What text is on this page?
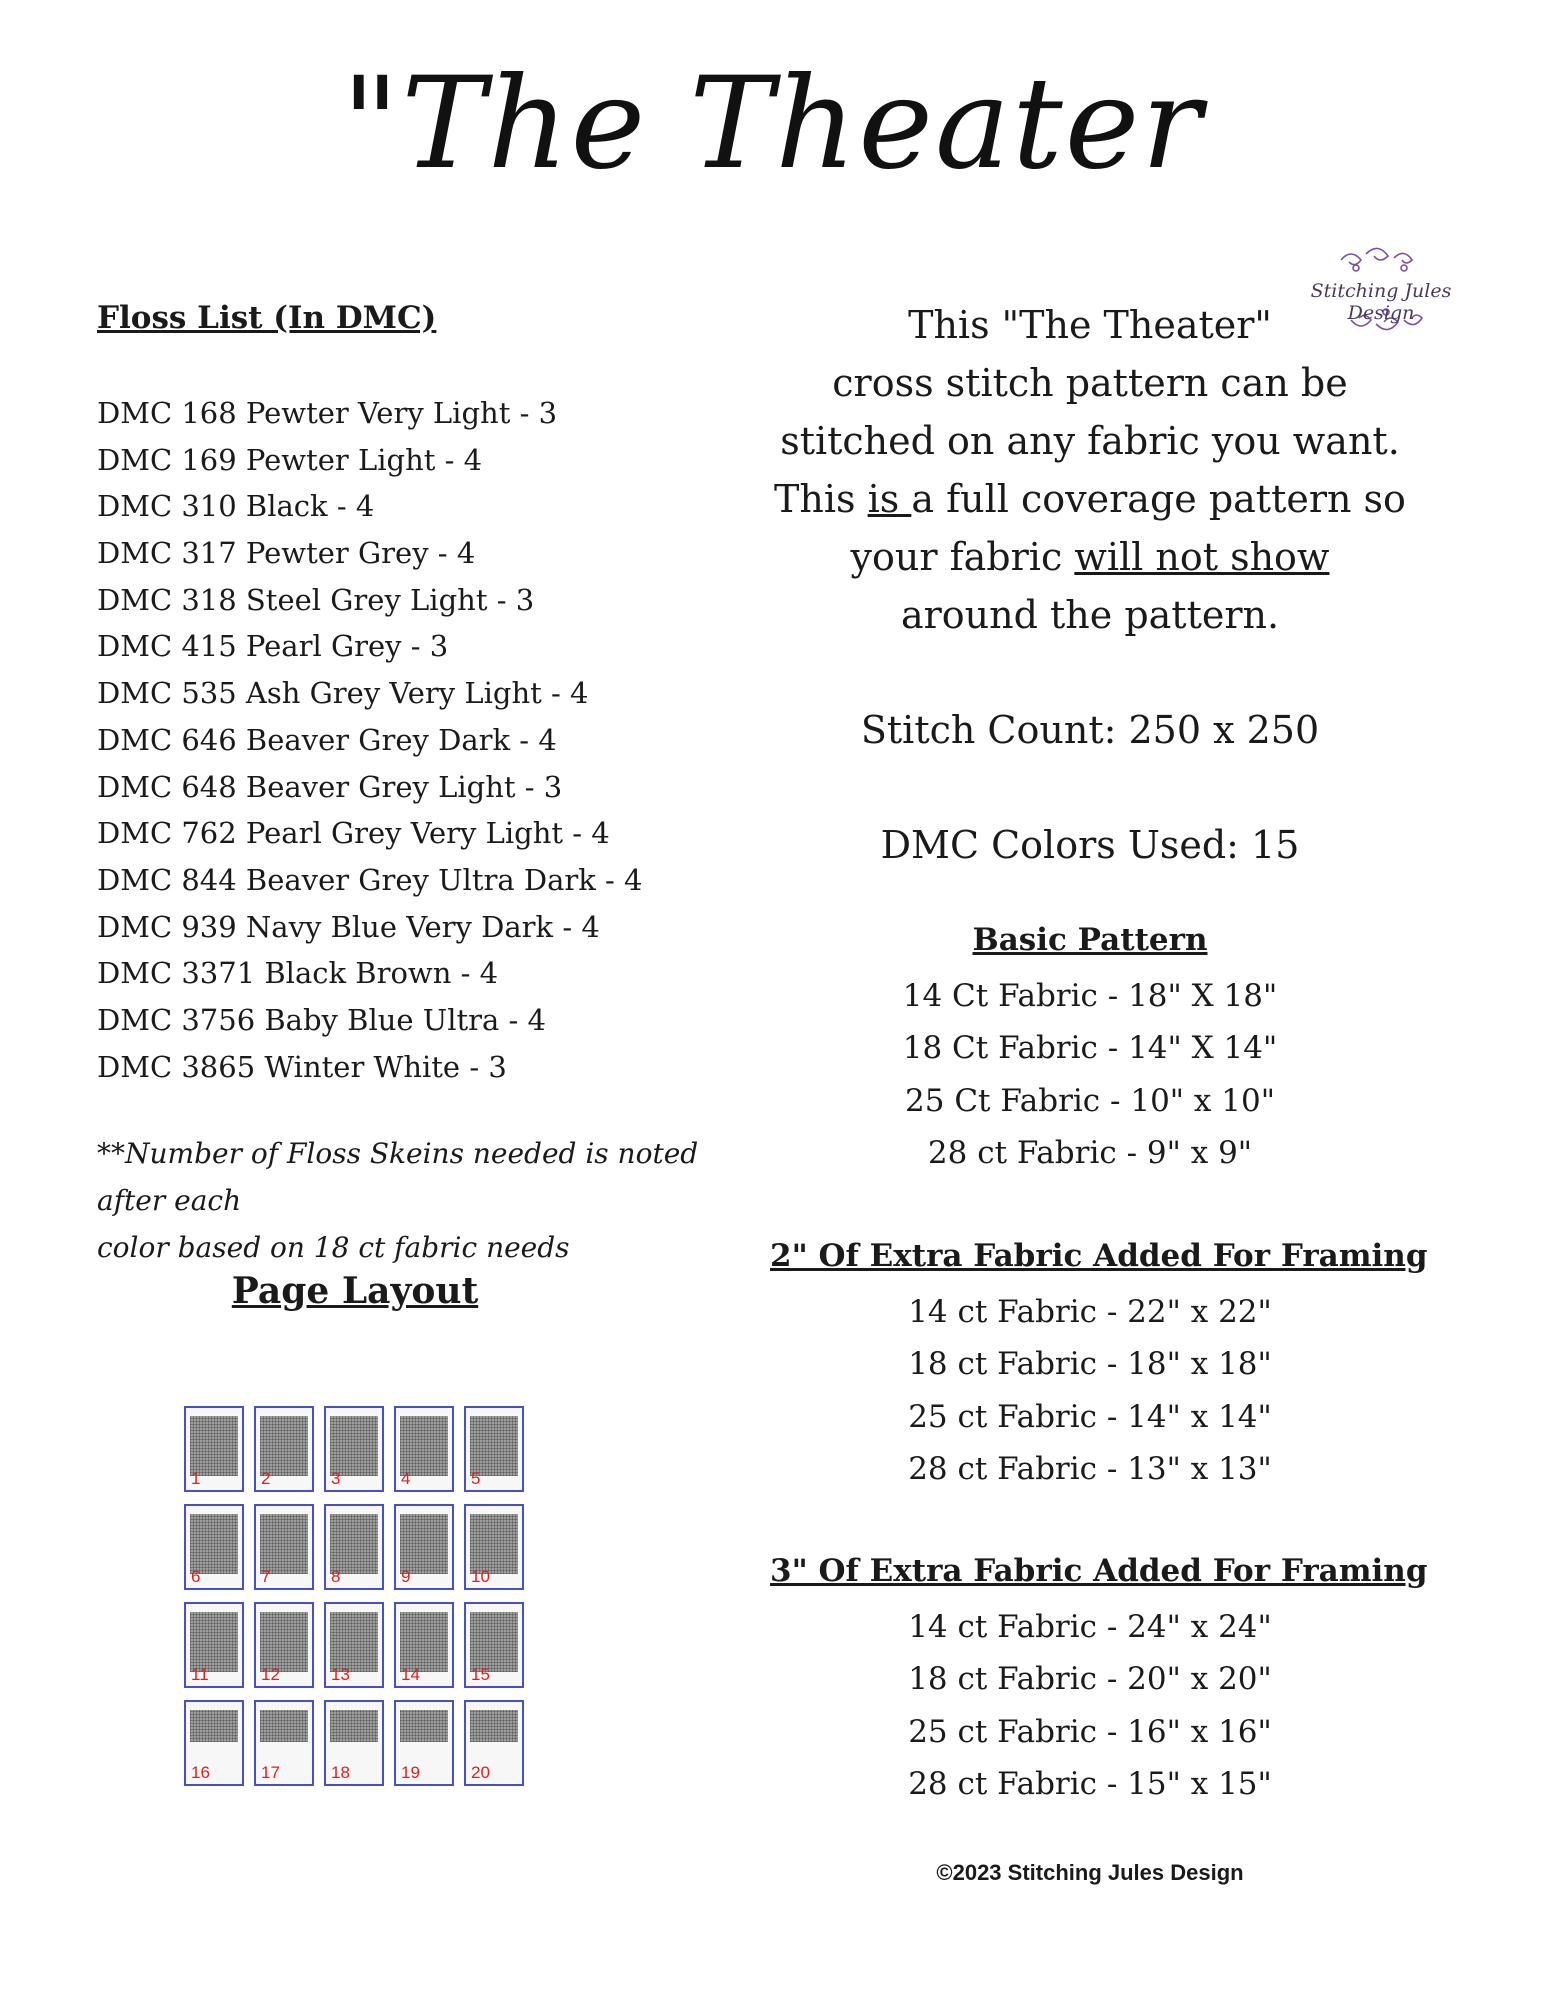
"The Theater
Stitching Jules Design
Floss List (In DMC)
DMC 168 Pewter Very Light - 3
DMC 169 Pewter Light - 4
DMC 310 Black - 4
DMC 317 Pewter Grey - 4
DMC 318 Steel Grey Light - 3
DMC 415 Pearl Grey - 3
DMC 535 Ash Grey Very Light - 4
DMC 646 Beaver Grey Dark - 4
DMC 648 Beaver Grey Light - 3
DMC 762 Pearl Grey Very Light - 4
DMC 844 Beaver Grey Ultra Dark - 4
DMC 939 Navy Blue Very Dark - 4
DMC 3371 Black Brown - 4
DMC 3756 Baby Blue Ultra - 4
DMC 3865 Winter White - 3
**Number of Floss Skeins needed is noted after each
color based on 18 ct fabric needs
Page Layout
1	2	3	4	5
6	7	8	9	10
11	12	13	14	15
16	17	18	19	20
This "The Theater"
cross stitch pattern can be
stitched on any fabric you want.
This is a full coverage pattern so
your fabric will not show
around the pattern.
Stitch Count: 250 x 250
DMC Colors Used: 15
Basic Pattern
14 Ct Fabric - 18" X 18"
18 Ct Fabric - 14" X 14"
25 Ct Fabric - 10" x 10"
28 ct Fabric - 9" x 9"
2" Of Extra Fabric Added For Framing
14 ct Fabric - 22" x 22"
18 ct Fabric - 18" x 18"
25 ct Fabric - 14" x 14"
28 ct Fabric - 13" x 13"
3" Of Extra Fabric Added For Framing
14 ct Fabric - 24" x 24"
18 ct Fabric - 20" x 20"
25 ct Fabric - 16" x 16"
28 ct Fabric - 15" x 15"
©2023 Stitching Jules Design
